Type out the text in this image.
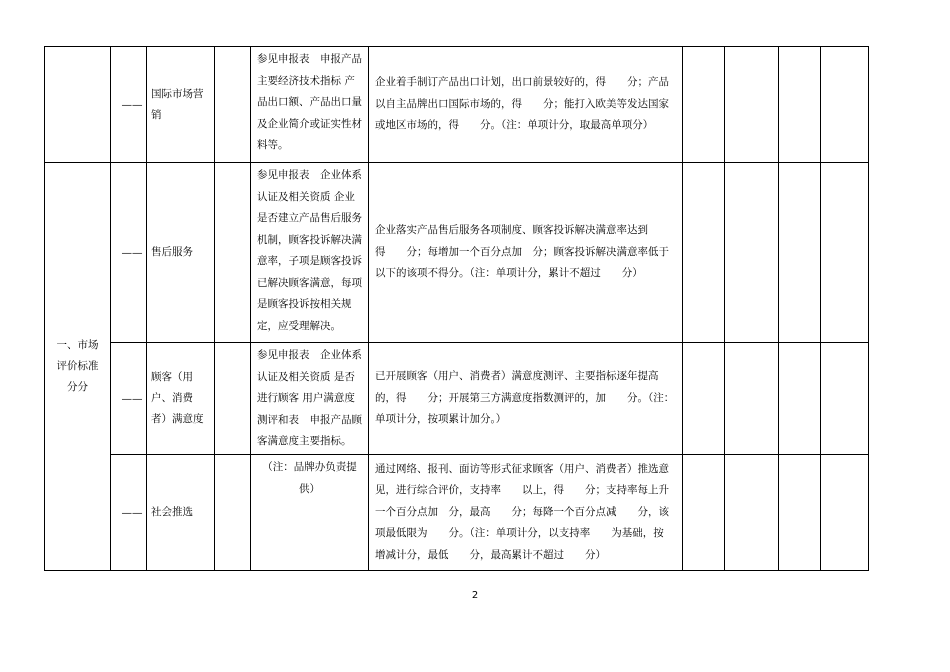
	——	国际市场营销		参见申报表　申报产品主要经济技术指标 产品出口额、产品出口量及企业简介或证实性材料等。	企业着手制订产品出口计划，出口前景较好的，得　　分；产品以自主品牌出口国际市场的，得　　分；能打入欧美等发达国家或地区市场的，得　　分。（注：单项计分，取最高单项分）				

一、市场评价标准分分	——	售后服务		参见申报表　企业体系认证及相关资质 企业是否建立产品售后服务机制，顾客投诉解决满意率，子项是顾客投诉已解决顾客满意，每项是顾客投诉按相关规定，应受理解决。	企业落实产品售后服务各项制度、顾客投诉解决满意率达到　　得　　分；每增加一个百分点加　分；顾客投诉解决满意率低于　　以下的该项不得分。（注：单项计分，累计不超过　　分）				

	——	顾客（用户、消费者）满意度		参见申报表　企业体系认证及相关资质 是否进行顾客 用户满意度测评和表　申报产品顾客满意度主要指标。	已开展顾客（用户、消费者）满意度测评、主要指标逐年提高的，得　　分；开展第三方满意度指数测评的，加　　分。（注：单项计分，按项累计加分。）				

	——	社会推选		（注：品牌办负责提供）	通过网络、报刊、面访等形式征求顾客（用户、消费者）推选意见，进行综合评价，支持率　　以上，得　　分；支持率每上升一个百分点加　分，最高　　分；每降一个百分点减　　分，该项最低限为　　分。（注：单项计分，以支持率　　为基础，按　增减计分，最低　　分，最高累计不超过　　分）				

2
